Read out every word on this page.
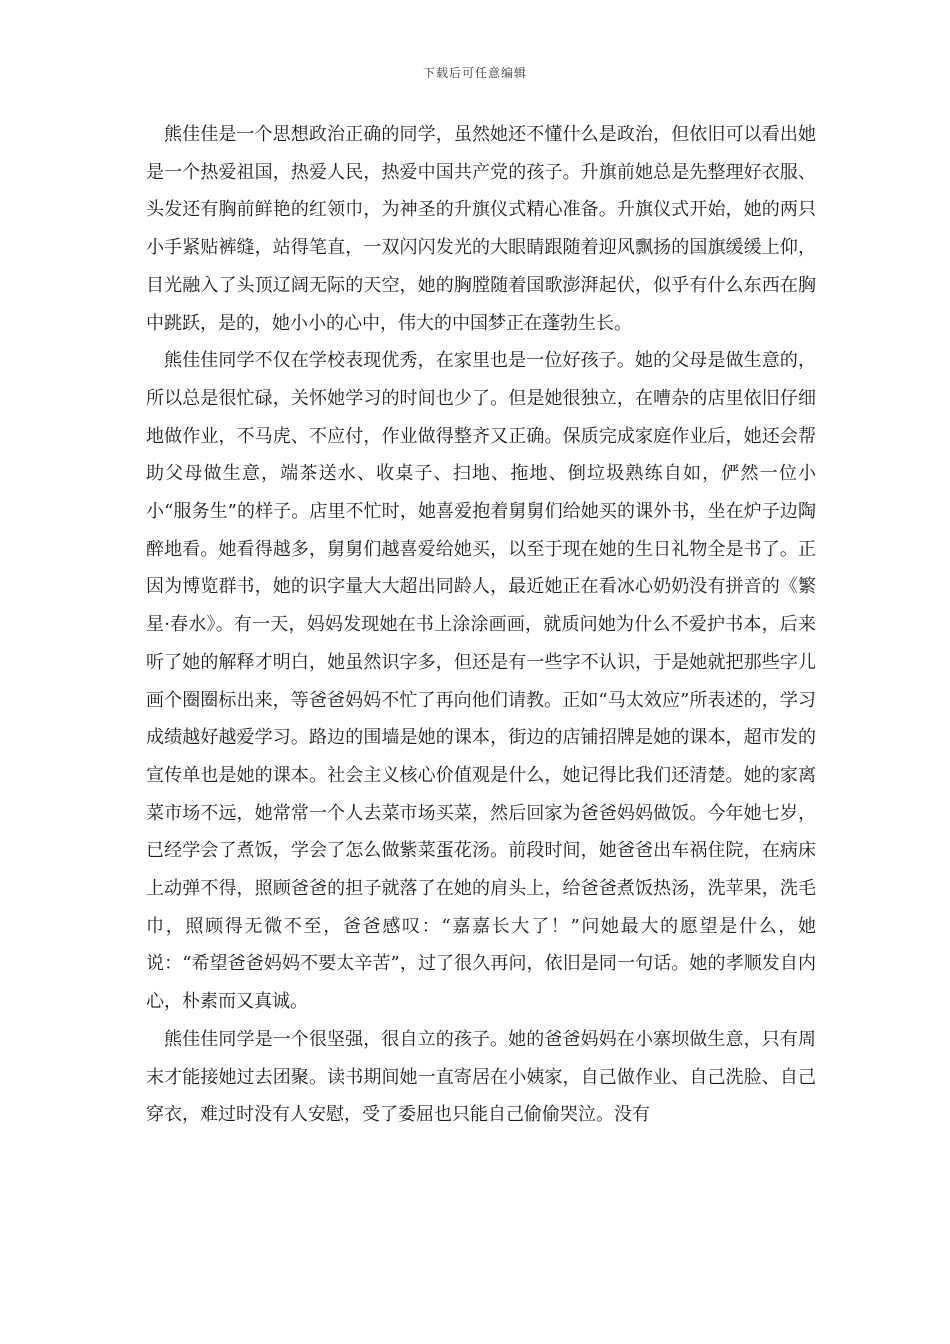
下载后可任意编辑

熊佳佳是一个思想政治正确的同学，虽然她还不懂什么是政治，但依旧可以看出她是一个热爱祖国，热爱人民，热爱中国共产党的孩子。升旗前她总是先整理好衣服、头发还有胸前鲜艳的红领巾，为神圣的升旗仪式精心准备。升旗仪式开始，她的两只小手紧贴裤缝，站得笔直，一双闪闪发光的大眼睛跟随着迎风飘扬的国旗缓缓上仰，目光融入了头顶辽阔无际的天空，她的胸膛随着国歌澎湃起伏，似乎有什么东西在胸中跳跃，是的，她小小的心中，伟大的中国梦正在蓬勃生长。

熊佳佳同学不仅在学校表现优秀，在家里也是一位好孩子。她的父母是做生意的，所以总是很忙碌，关怀她学习的时间也少了。但是她很独立，在嘈杂的店里依旧仔细地做作业，不马虎、不应付，作业做得整齐又正确。保质完成家庭作业后，她还会帮助父母做生意，端茶送水、收桌子、扫地、拖地、倒垃圾熟练自如，俨然一位小小“服务生”的样子。店里不忙时，她喜爱抱着舅舅们给她买的课外书，坐在炉子边陶醉地看。她看得越多，舅舅们越喜爱给她买，以至于现在她的生日礼物全是书了。正因为博览群书，她的识字量大大超出同龄人，最近她正在看冰心奶奶没有拼音的《繁星·春水》。有一天，妈妈发现她在书上涂涂画画，就质问她为什么不爱护书本，后来听了她的解释才明白，她虽然识字多，但还是有一些字不认识，于是她就把那些字儿画个圈圈标出来，等爸爸妈妈不忙了再向他们请教。正如“马太效应”所表述的，学习成绩越好越爱学习。路边的围墙是她的课本，街边的店铺招牌是她的课本，超市发的宣传单也是她的课本。社会主义核心价值观是什么，她记得比我们还清楚。她的家离菜市场不远，她常常一个人去菜市场买菜，然后回家为爸爸妈妈做饭。今年她七岁，已经学会了煮饭，学会了怎么做紫菜蛋花汤。前段时间，她爸爸出车祸住院，在病床上动弹不得，照顾爸爸的担子就落了在她的肩头上，给爸爸煮饭热汤，洗苹果，洗毛巾，照顾得无微不至，爸爸感叹：“嘉嘉长大了！”问她最大的愿望是什么，她说：“希望爸爸妈妈不要太辛苦”，过了很久再问，依旧是同一句话。她的孝顺发自内心，朴素而又真诚。

熊佳佳同学是一个很坚强，很自立的孩子。她的爸爸妈妈在小寨坝做生意，只有周末才能接她过去团聚。读书期间她一直寄居在小姨家，自己做作业、自己洗脸、自己穿衣，难过时没有人安慰，受了委屈也只能自己偷偷哭泣。没有
